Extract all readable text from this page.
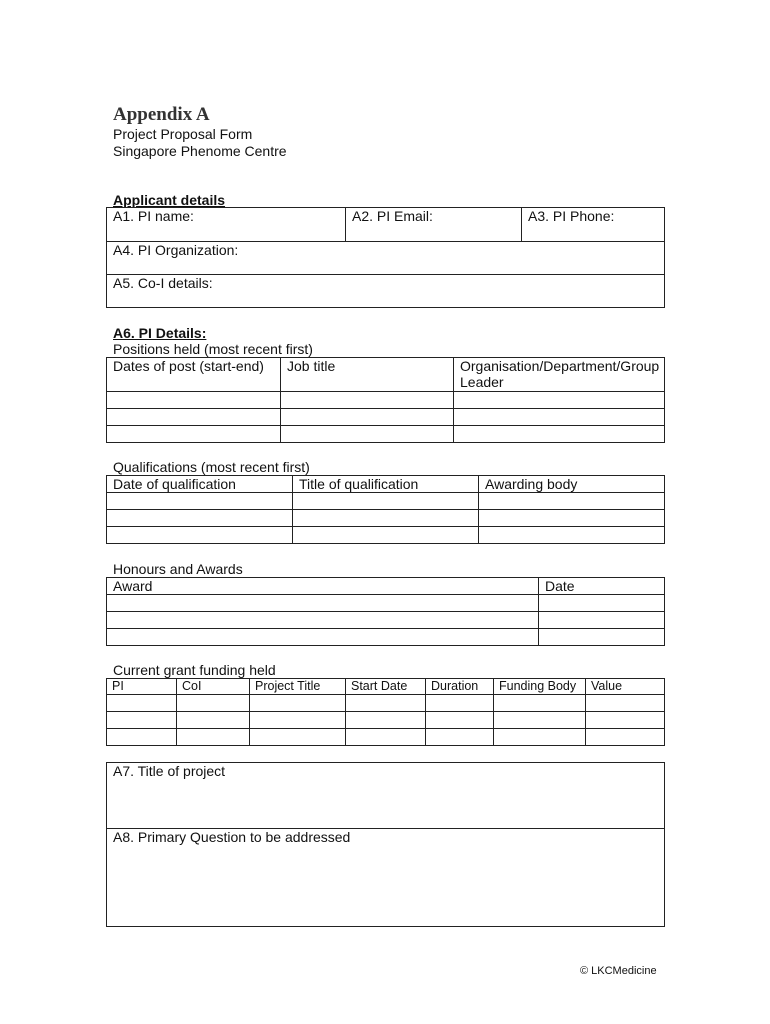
Appendix A
Project Proposal Form
Singapore Phenome Centre
Applicant details
A1. PI name:	A2. PI Email:	A3. PI Phone:
A4. PI Organization:
A5. Co-I details:
A6. PI Details:
Positions held (most recent first)
Dates of post (start-end)	Job title	Organisation/Department/Group Leader

Qualifications (most recent first)
Date of qualification	Title of qualification	Awarding body

Honours and Awards
Award	Date

Current grant funding held
PI	CoI	Project Title	Start Date	Duration	Funding Body	Value

A7. Title of project
A8. Primary Question to be addressed
© LKCMedicine
